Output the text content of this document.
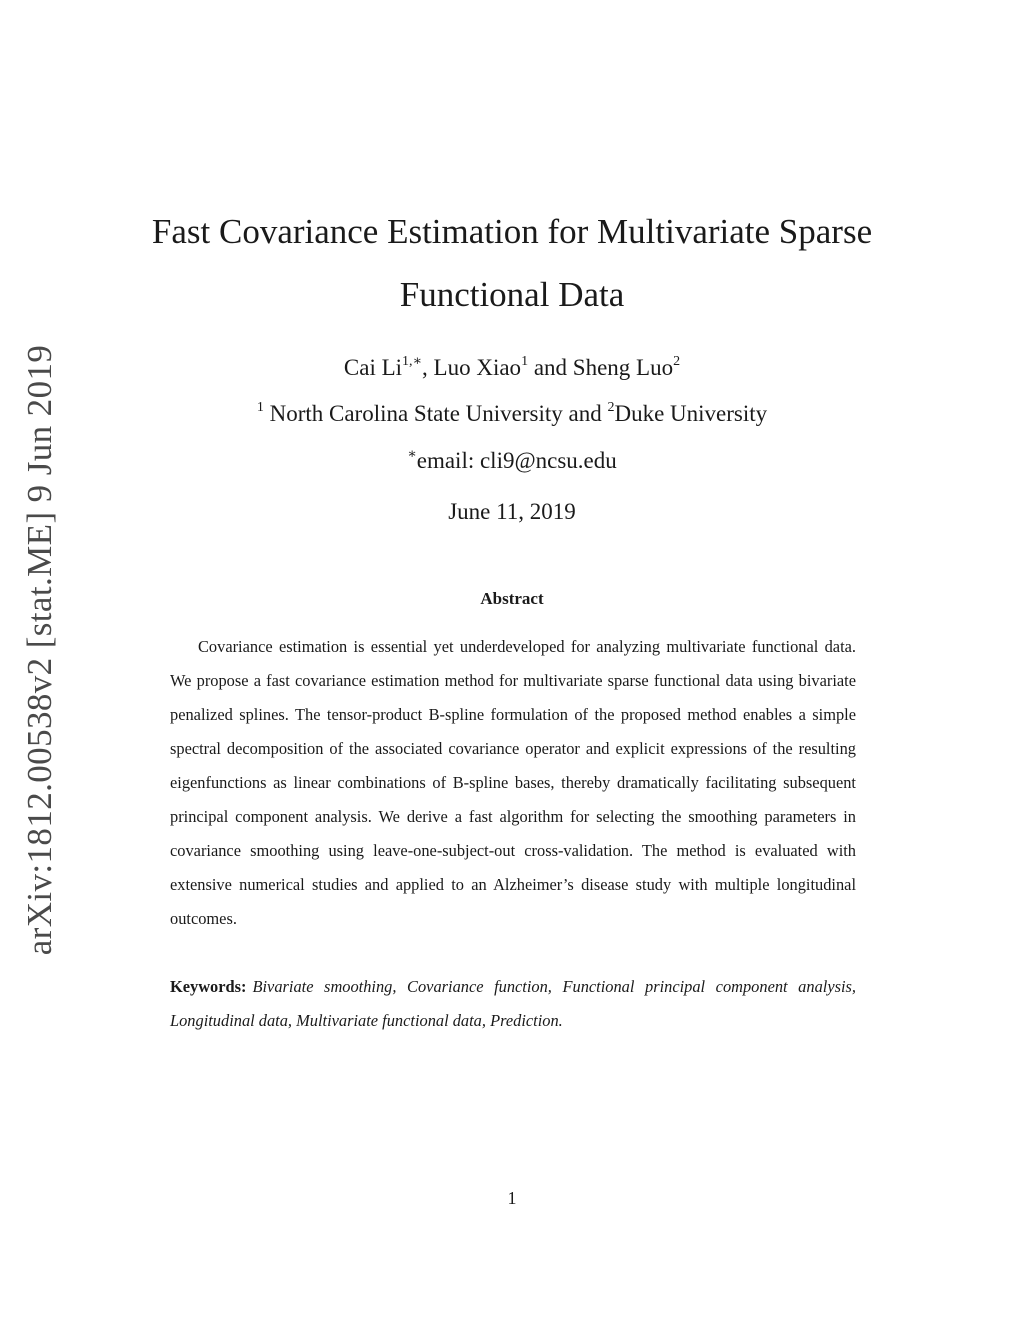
arXiv:1812.00538v2 [stat.ME] 9 Jun 2019
Fast Covariance Estimation for Multivariate Sparse
Functional Data
Cai $Li^{1,∗}$, Luo Xiao$^1$ and Sheng Luo$^2$
$^1$ North Carolina State University and $^2$Duke University
∗email: cli9@ncsu.edu
June 11, 2019
Abstract
Covariance estimation is essential yet underdeveloped for analyzing multivariate functional data. We propose a fast covariance estimation method for multivariate sparse functional data using bivariate penalized splines. The tensor-product B-spline formulation of the proposed method enables a simple spectral decomposition of the associated covariance operator and explicit expressions of the resulting eigenfunctions as linear combinations of B-spline bases, thereby dramatically facilitating subsequent principal component analysis. We derive a fast algorithm for selecting the smoothing parameters in covariance smoothing using leave-one-subject-out cross-validation. The method is evaluated with extensive numerical studies and applied to an Alzheimer’s disease study with multiple longitudinal outcomes.
Keywords: Bivariate smoothing, Covariance function, Functional principal component analysis, Longitudinal data, Multivariate functional data, Prediction.
1
